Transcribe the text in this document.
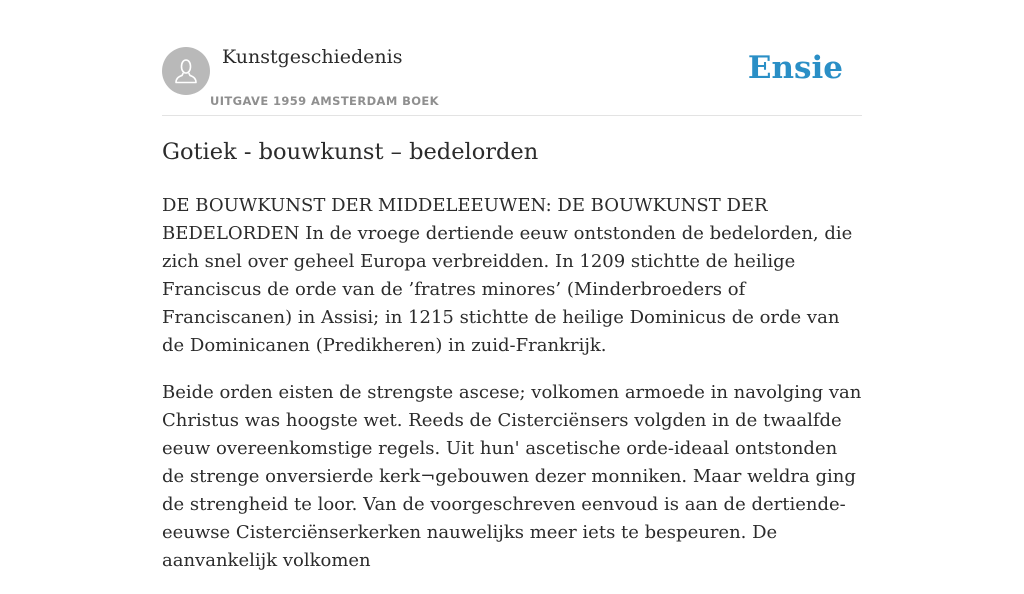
Kunstgeschiedenis
UITGAVE 1959 AMSTERDAM BOEK
Ensie
Gotiek - bouwkunst – bedelorden

DE BOUWKUNST DER MIDDELEEUWEN: DE BOUWKUNST DER BEDELORDEN In de vroege dertiende eeuw ontstonden de bedelorden, die zich snel over geheel Europa verbreidden. In 1209 stichtte de heilige Franciscus de orde van de ’fratres minores’ (Minderbroeders of Franciscanen) in Assisi; in 1215 stichtte de heilige Dominicus de orde van de Dominicanen (Predikheren) in zuid-Frankrijk.

Beide orden eisten de strengste ascese; volkomen armoede in navolging van Christus was hoogste wet. Reeds de Cisterciënsers volgden in de twaalfde eeuw overeenkomstige regels. Uit hun' ascetische orde-ideaal ontstonden de strenge onversierde kerk¬gebouwen dezer monniken. Maar weldra ging de strengheid te loor. Van de voorgeschreven eenvoud is aan de dertiende-eeuwse Cisterciënserkerken nauwelijks meer iets te bespeuren. De aanvankelijk volkomen
